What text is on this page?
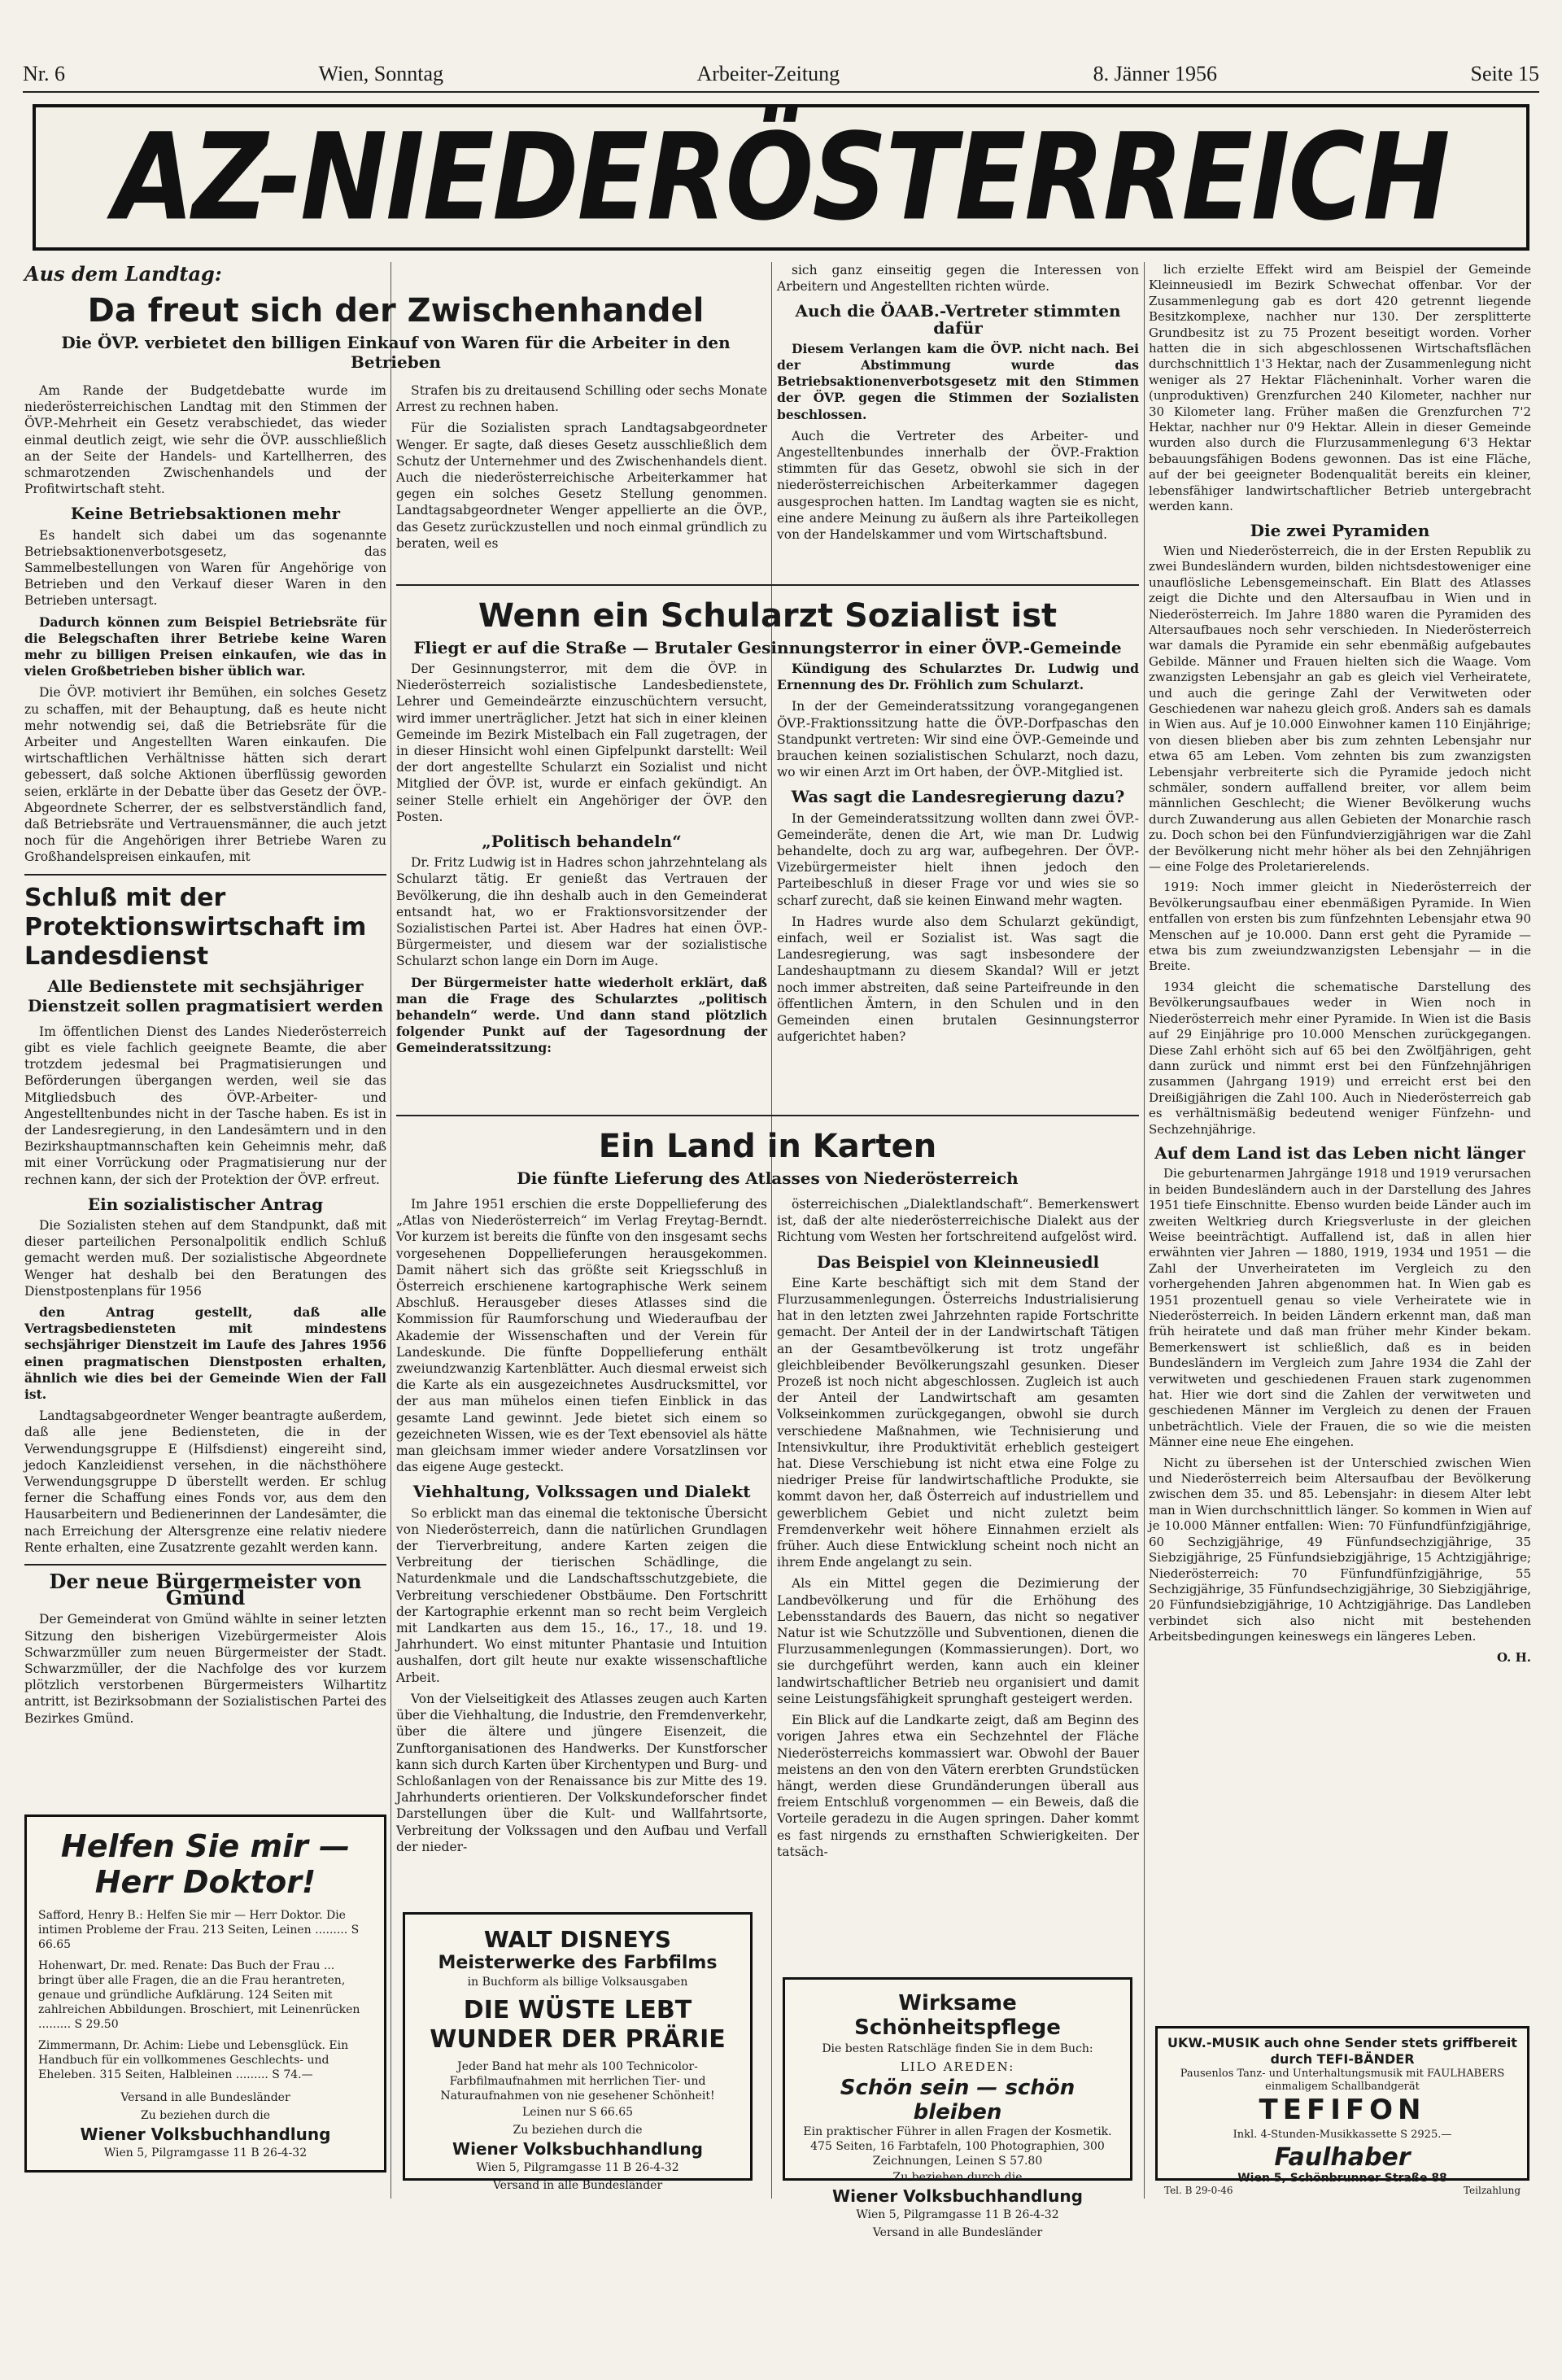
Nr. 6	Wien, Sonntag	Arbeiter-Zeitung	8. Jänner 1956	Seite 15
AZ-NIEDERÖSTERREICH
Aus dem Landtag:
Da freut sich der Zwischenhandel
Die ÖVP. verbietet den billigen Einkauf von Waren für die Arbeiter in den Betrieben

Am Rande der Budgetdebatte wurde im niederösterreichischen Landtag mit den Stimmen der ÖVP.-Mehrheit ein Gesetz verabschiedet, das wieder einmal deutlich zeigt, wie sehr die ÖVP. ausschließlich an der Seite der Handels- und Kartellherren, des schmarotzenden Zwischenhandels und der Profitwirtschaft steht.

Keine Betriebsaktionen mehr

Es handelt sich dabei um das sogenannte Betriebsaktionenverbotsgesetz, das Sammelbestellungen von Waren für Angehörige von Betrieben und den Verkauf dieser Waren in den Betrieben untersagt.

Dadurch können zum Beispiel Betriebsräte für die Belegschaften ihrer Betriebe keine Waren mehr zu billigen Preisen einkaufen, wie das in vielen Großbetrieben bisher üblich war.

Die ÖVP. motiviert ihr Bemühen, ein solches Gesetz zu schaffen, mit der Behauptung, daß es heute nicht mehr notwendig sei, daß die Betriebsräte für die Arbeiter und Angestellten Waren einkaufen. Die wirtschaftlichen Verhältnisse hätten sich derart gebessert, daß solche Aktionen überflüssig geworden seien, erklärte in der Debatte über das Gesetz der ÖVP.-Abgeordnete Scherrer, der es selbstverständlich fand, daß Betriebsräte und Vertrauensmänner, die auch jetzt noch für die Angehörigen ihrer Betriebe Waren zu Großhandelspreisen einkaufen, mit

Schluß mit der Protektionswirtschaft im Landesdienst
Alle Bedienstete mit sechsjähriger Dienstzeit sollen pragmatisiert werden

Im öffentlichen Dienst des Landes Niederösterreich gibt es viele fachlich geeignete Beamte, die aber trotzdem jedesmal bei Pragmatisierungen und Beförderungen übergangen werden, weil sie das Mitgliedsbuch des ÖVP.-Arbeiter- und Angestelltenbundes nicht in der Tasche haben. Es ist in der Landesregierung, in den Landesämtern und in den Bezirkshauptmannschaften kein Geheimnis mehr, daß mit einer Vorrückung oder Pragmatisierung nur der rechnen kann, der sich der Protektion der ÖVP. erfreut.

Ein sozialistischer Antrag

Die Sozialisten stehen auf dem Standpunkt, daß mit dieser parteilichen Personalpolitik endlich Schluß gemacht werden muß. Der sozialistische Abgeordnete Wenger hat deshalb bei den Beratungen des Dienstpostenplans für 1956

den Antrag gestellt, daß alle Vertragsbediensteten mit mindestens sechsjähriger Dienstzeit im Laufe des Jahres 1956 einen pragmatischen Dienstposten erhalten, ähnlich wie dies bei der Gemeinde Wien der Fall ist.

Landtagsabgeordneter Wenger beantragte außerdem, daß alle jene Bediensteten, die in der Verwendungsgruppe E (Hilfsdienst) eingereiht sind, jedoch Kanzleidienst versehen, in die nächsthöhere Verwendungsgruppe D überstellt werden. Er schlug ferner die Schaffung eines Fonds vor, aus dem den Hausarbeitern und Bedienerinnen der Landesämter, die nach Erreichung der Altersgrenze eine relativ niedere Rente erhalten, eine Zusatzrente gezahlt werden kann.

Der neue Bürgermeister von Gmünd

Der Gemeinderat von Gmünd wählte in seiner letzten Sitzung den bisherigen Vizebürgermeister Alois Schwarzmüller zum neuen Bürgermeister der Stadt. Schwarzmüller, der die Nachfolge des vor kurzem plötzlich verstorbenen Bürgermeisters Wilhartitz antritt, ist Bezirksobmann der Sozialistischen Partei des Bezirkes Gmünd.

Strafen bis zu dreitausend Schilling oder sechs Monate Arrest zu rechnen haben.

Für die Sozialisten sprach Landtagsabgeordneter Wenger. Er sagte, daß dieses Gesetz ausschließlich dem Schutz der Unternehmer und des Zwischenhandels dient. Auch die niederösterreichische Arbeiterkammer hat gegen ein solches Gesetz Stellung genommen. Landtagsabgeordneter Wenger appellierte an die ÖVP., das Gesetz zurückzustellen und noch einmal gründlich zu beraten, weil es

sich ganz einseitig gegen die Interessen von Arbeitern und Angestellten richten würde.

Auch die ÖAAB.-Vertreter stimmten dafür

Diesem Verlangen kam die ÖVP. nicht nach. Bei der Abstimmung wurde das Betriebsaktionenverbotsgesetz mit den Stimmen der ÖVP. gegen die Stimmen der Sozialisten beschlossen.

Auch die Vertreter des Arbeiter- und Angestelltenbundes innerhalb der ÖVP.-Fraktion stimmten für das Gesetz, obwohl sie sich in der niederösterreichischen Arbeiterkammer dagegen ausgesprochen hatten. Im Landtag wagten sie es nicht, eine andere Meinung zu äußern als ihre Parteikollegen von der Handelskammer und vom Wirtschaftsbund.

Wenn ein Schularzt Sozialist ist
Fliegt er auf die Straße — Brutaler Gesinnungsterror in einer ÖVP.-Gemeinde

Der Gesinnungsterror, mit dem die ÖVP. in Niederösterreich sozialistische Landesbedienstete, Lehrer und Gemeindeärzte einzuschüchtern versucht, wird immer unerträglicher. Jetzt hat sich in einer kleinen Gemeinde im Bezirk Mistelbach ein Fall zugetragen, der in dieser Hinsicht wohl einen Gipfelpunkt darstellt: Weil der dort angestellte Schularzt ein Sozialist und nicht Mitglied der ÖVP. ist, wurde er einfach gekündigt. An seiner Stelle erhielt ein Angehöriger der ÖVP. den Posten.

„Politisch behandeln“

Dr. Fritz Ludwig ist in Hadres schon jahrzehntelang als Schularzt tätig. Er genießt das Vertrauen der Bevölkerung, die ihn deshalb auch in den Gemeinderat entsandt hat, wo er Fraktionsvorsitzender der Sozialistischen Partei ist. Aber Hadres hat einen ÖVP.-Bürgermeister, und diesem war der sozialistische Schularzt schon lange ein Dorn im Auge.

Der Bürgermeister hatte wiederholt erklärt, daß man die Frage des Schularztes „politisch behandeln“ werde. Und dann stand plötzlich folgender Punkt auf der Tagesordnung der Gemeinderatssitzung:

Kündigung des Schularztes Dr. Ludwig und Ernennung des Dr. Fröhlich zum Schularzt.

In der der Gemeinderatssitzung vorangegangenen ÖVP.-Fraktionssitzung hatte die ÖVP.-Dorfpaschas den Standpunkt vertreten: Wir sind eine ÖVP.-Gemeinde und brauchen keinen sozialistischen Schularzt, noch dazu, wo wir einen Arzt im Ort haben, der ÖVP.-Mitglied ist.

Was sagt die Landesregierung dazu?

In der Gemeinderatssitzung wollten dann zwei ÖVP.-Gemeinderäte, denen die Art, wie man Dr. Ludwig behandelte, doch zu arg war, aufbegehren. Der ÖVP.-Vizebürgermeister hielt ihnen jedoch den Parteibeschluß in dieser Frage vor und wies sie so scharf zurecht, daß sie keinen Einwand mehr wagten.

In Hadres wurde also dem Schularzt gekündigt, einfach, weil er Sozialist ist. Was sagt die Landesregierung, was sagt insbesondere der Landeshauptmann zu diesem Skandal? Will er jetzt noch immer abstreiten, daß seine Parteifreunde in den öffentlichen Ämtern, in den Schulen und in den Gemeinden einen brutalen Gesinnungsterror aufgerichtet haben?

Ein Land in Karten
Die fünfte Lieferung des Atlasses von Niederösterreich

Im Jahre 1951 erschien die erste Doppellieferung des „Atlas von Niederösterreich“ im Verlag Freytag-Berndt. Vor kurzem ist bereits die fünfte von den insgesamt sechs vorgesehenen Doppellieferungen herausgekommen. Damit nähert sich das größte seit Kriegsschluß in Österreich erschienene kartographische Werk seinem Abschluß. Herausgeber dieses Atlasses sind die Kommission für Raumforschung und Wiederaufbau der Akademie der Wissenschaften und der Verein für Landeskunde. Die fünfte Doppellieferung enthält zweiundzwanzig Kartenblätter. Auch diesmal erweist sich die Karte als ein ausgezeichnetes Ausdrucksmittel, vor der aus man mühelos einen tiefen Einblick in das gesamte Land gewinnt. Jede bietet sich einem so gezeichneten Wissen, wie es der Text ebensoviel als hätte man gleichsam immer wieder andere Vorsatzlinsen vor das eigene Auge gesteckt.

Viehhaltung, Volkssagen und Dialekt

So erblickt man das einemal die tektonische Übersicht von Niederösterreich, dann die natürlichen Grundlagen der Tierverbreitung, andere Karten zeigen die Verbreitung der tierischen Schädlinge, die Naturdenkmale und die Landschaftsschutzgebiete, die Verbreitung verschiedener Obstbäume. Den Fortschritt der Kartographie erkennt man so recht beim Vergleich mit Landkarten aus dem 15., 16., 17., 18. und 19. Jahrhundert. Wo einst mitunter Phantasie und Intuition aushalfen, dort gilt heute nur exakte wissenschaftliche Arbeit.

Von der Vielseitigkeit des Atlasses zeugen auch Karten über die Viehhaltung, die Industrie, den Fremdenverkehr, über die ältere und jüngere Eisenzeit, die Zunftorganisationen des Handwerks. Der Kunstforscher kann sich durch Karten über Kirchentypen und Burg- und Schloßanlagen von der Renaissance bis zur Mitte des 19. Jahrhunderts orientieren. Der Volkskundeforscher findet Darstellungen über die Kult- und Wallfahrtsorte, Verbreitung der Volkssagen und den Aufbau und Verfall der nieder-

österreichischen „Dialektlandschaft“. Bemerkenswert ist, daß der alte niederösterreichische Dialekt aus der Richtung vom Westen her fortschreitend aufgelöst wird.

Das Beispiel von Kleinneusiedl

Eine Karte beschäftigt sich mit dem Stand der Flurzusammenlegungen. Österreichs Industrialisierung hat in den letzten zwei Jahrzehnten rapide Fortschritte gemacht. Der Anteil der in der Landwirtschaft Tätigen an der Gesamtbevölkerung ist trotz ungefähr gleichbleibender Bevölkerungszahl gesunken. Dieser Prozeß ist noch nicht abgeschlossen. Zugleich ist auch der Anteil der Landwirtschaft am gesamten Volkseinkommen zurückgegangen, obwohl sie durch verschiedene Maßnahmen, wie Technisierung und Intensivkultur, ihre Produktivität erheblich gesteigert hat. Diese Verschiebung ist nicht etwa eine Folge zu niedriger Preise für landwirtschaftliche Produkte, sie kommt davon her, daß Österreich auf industriellem und gewerblichem Gebiet und nicht zuletzt beim Fremdenverkehr weit höhere Einnahmen erzielt als früher. Auch diese Entwicklung scheint noch nicht an ihrem Ende angelangt zu sein.

Als ein Mittel gegen die Dezimierung der Landbevölkerung und für die Erhöhung des Lebensstandards des Bauern, das nicht so negativer Natur ist wie Schutzzölle und Subventionen, dienen die Flurzusammenlegungen (Kommassierungen). Dort, wo sie durchgeführt werden, kann auch ein kleiner landwirtschaftlicher Betrieb neu organisiert und damit seine Leistungsfähigkeit sprunghaft gesteigert werden.

Ein Blick auf die Landkarte zeigt, daß am Beginn des vorigen Jahres etwa ein Sechzehntel der Fläche Niederösterreichs kommassiert war. Obwohl der Bauer meistens an den von den Vätern ererbten Grundstücken hängt, werden diese Grundänderungen überall aus freiem Entschluß vorgenommen — ein Beweis, daß die Vorteile geradezu in die Augen springen. Daher kommt es fast nirgends zu ernsthaften Schwierigkeiten. Der tatsäch-

lich erzielte Effekt wird am Beispiel der Gemeinde Kleinneusiedl im Bezirk Schwechat offenbar. Vor der Zusammenlegung gab es dort 420 getrennt liegende Besitzkomplexe, nachher nur 130. Der zersplitterte Grundbesitz ist zu 75 Prozent beseitigt worden. Vorher hatten die in sich abgeschlossenen Wirtschaftsflächen durchschnittlich 1'3 Hektar, nach der Zusammenlegung nicht weniger als 27 Hektar Flächeninhalt. Vorher waren die (unproduktiven) Grenzfurchen 240 Kilometer, nachher nur 30 Kilometer lang. Früher maßen die Grenzfurchen 7'2 Hektar, nachher nur 0'9 Hektar. Allein in dieser Gemeinde wurden also durch die Flurzusammenlegung 6'3 Hektar bebauungsfähigen Bodens gewonnen. Das ist eine Fläche, auf der bei geeigneter Bodenqualität bereits ein kleiner, lebensfähiger landwirtschaftlicher Betrieb untergebracht werden kann.

Die zwei Pyramiden

Wien und Niederösterreich, die in der Ersten Republik zu zwei Bundesländern wurden, bilden nichtsdestoweniger eine unauflösliche Lebensgemeinschaft. Ein Blatt des Atlasses zeigt die Dichte und den Altersaufbau in Wien und in Niederösterreich. Im Jahre 1880 waren die Pyramiden des Altersaufbaues noch sehr verschieden. In Niederösterreich war damals die Pyramide ein sehr ebenmäßig aufgebautes Gebilde. Männer und Frauen hielten sich die Waage. Vom zwanzigsten Lebensjahr an gab es gleich viel Verheiratete, und auch die geringe Zahl der Verwitweten oder Geschiedenen war nahezu gleich groß. Anders sah es damals in Wien aus. Auf je 10.000 Einwohner kamen 110 Einjährige; von diesen blieben aber bis zum zehnten Lebensjahr nur etwa 65 am Leben. Vom zehnten bis zum zwanzigsten Lebensjahr verbreiterte sich die Pyramide jedoch nicht schmäler, sondern auffallend breiter, vor allem beim männlichen Geschlecht; die Wiener Bevölkerung wuchs durch Zuwanderung aus allen Gebieten der Monarchie rasch zu. Doch schon bei den Fünfundvierzigjährigen war die Zahl der Bevölkerung nicht mehr höher als bei den Zehnjährigen — eine Folge des Proletarierelends.

1919: Noch immer gleicht in Niederösterreich der Bevölkerungsaufbau einer ebenmäßigen Pyramide. In Wien entfallen von ersten bis zum fünfzehnten Lebensjahr etwa 90 Menschen auf je 10.000. Dann erst geht die Pyramide — etwa bis zum zweiundzwanzigsten Lebensjahr — in die Breite.

1934 gleicht die schematische Darstellung des Bevölkerungsaufbaues weder in Wien noch in Niederösterreich mehr einer Pyramide. In Wien ist die Basis auf 29 Einjährige pro 10.000 Menschen zurückgegangen. Diese Zahl erhöht sich auf 65 bei den Zwölfjährigen, geht dann zurück und nimmt erst bei den Fünfzehnjährigen zusammen (Jahrgang 1919) und erreicht erst bei den Dreißigjährigen die Zahl 100. Auch in Niederösterreich gab es verhältnismäßig bedeutend weniger Fünfzehn- und Sechzehnjährige.

Auf dem Land ist das Leben nicht länger

Die geburtenarmen Jahrgänge 1918 und 1919 verursachen in beiden Bundesländern auch in der Darstellung des Jahres 1951 tiefe Einschnitte. Ebenso wurden beide Länder auch im zweiten Weltkrieg durch Kriegsverluste in der gleichen Weise beeinträchtigt. Auffallend ist, daß in allen hier erwähnten vier Jahren — 1880, 1919, 1934 und 1951 — die Zahl der Unverheirateten im Vergleich zu den vorhergehenden Jahren abgenommen hat. In Wien gab es 1951 prozentuell genau so viele Verheiratete wie in Niederösterreich. In beiden Ländern erkennt man, daß man früh heiratete und daß man früher mehr Kinder bekam. Bemerkenswert ist schließlich, daß es in beiden Bundesländern im Vergleich zum Jahre 1934 die Zahl der verwitweten und geschiedenen Frauen stark zugenommen hat. Hier wie dort sind die Zahlen der verwitweten und geschiedenen Männer im Vergleich zu denen der Frauen unbeträchtlich. Viele der Frauen, die so wie die meisten Männer eine neue Ehe eingehen.

Nicht zu übersehen ist der Unterschied zwischen Wien und Niederösterreich beim Altersaufbau der Bevölkerung zwischen dem 35. und 85. Lebensjahr: in diesem Alter lebt man in Wien durchschnittlich länger. So kommen in Wien auf je 10.000 Männer entfallen: Wien: 70 Fünfundfünfzigjährige, 60 Sechzigjährige, 49 Fünfundsechzigjährige, 35 Siebzigjährige, 25 Fünfundsiebzigjährige, 15 Achtzigjährige; Niederösterreich: 70 Fünfundfünfzigjährige, 55 Sechzigjährige, 35 Fünfundsechzigjährige, 30 Siebzigjährige, 20 Fünfundsiebzigjährige, 10 Achtzigjährige. Das Landleben verbindet sich also nicht mit bestehenden Arbeitsbedingungen keineswegs ein längeres Leben.

O. H.
Helfen Sie mir — Herr Doktor!
Safford, Henry B.: Helfen Sie mir — Herr Doktor. Die intimen Probleme der Frau. 213 Seiten, Leinen ......... S 66.65
Hohenwart, Dr. med. Renate: Das Buch der Frau ... bringt über alle Fragen, die an die Frau herantreten, genaue und gründliche Aufklärung. 124 Seiten mit zahlreichen Abbildungen. Broschiert, mit Leinenrücken ......... S 29.50
Zimmermann, Dr. Achim: Liebe und Lebensglück. Ein Handbuch für ein vollkommenes Geschlechts- und Eheleben. 315 Seiten, Halbleinen ......... S 74.—
Versand in alle Bundesländer
Zu beziehen durch die
Wiener Volksbuchhandlung
Wien 5, Pilgramgasse 11 B 26-4-32
WALT DISNEYS
Meisterwerke des Farbfilms
in Buchform als billige Volksausgaben
DIE WÜSTE LEBT WUNDER DER PRÄRIE
Jeder Band hat mehr als 100 Technicolor-Farbfilmaufnahmen mit herrlichen Tier- und Naturaufnahmen von nie gesehener Schönheit!
Leinen nur S 66.65
Zu beziehen durch die
Wiener Volksbuchhandlung
Wien 5, Pilgramgasse 11 B 26-4-32
Versand in alle Bundesländer
Wirksame Schönheitspflege
Die besten Ratschläge finden Sie in dem Buch:
LILO AREDEN:
Schön sein — schön bleiben
Ein praktischer Führer in allen Fragen der Kosmetik. 475 Seiten, 16 Farbtafeln, 100 Photographien, 300 Zeichnungen, Leinen S 57.80
Zu beziehen durch die
Wiener Volksbuchhandlung
Wien 5, Pilgramgasse 11 B 26-4-32
Versand in alle Bundesländer
UKW.-MUSIK auch ohne Sender stets griffbereit durch TEFI-BÄNDER
Pausenlos Tanz- und Unterhaltungsmusik mit FAULHABERS einmaligem Schallbandgerät
TEFIFON
Inkl. 4-Stunden-Musikkassette S 2925.—
Faulhaber
Wien 5, Schönbrunner Straße 88
Tel. B 29-0-46	Teilzahlung
